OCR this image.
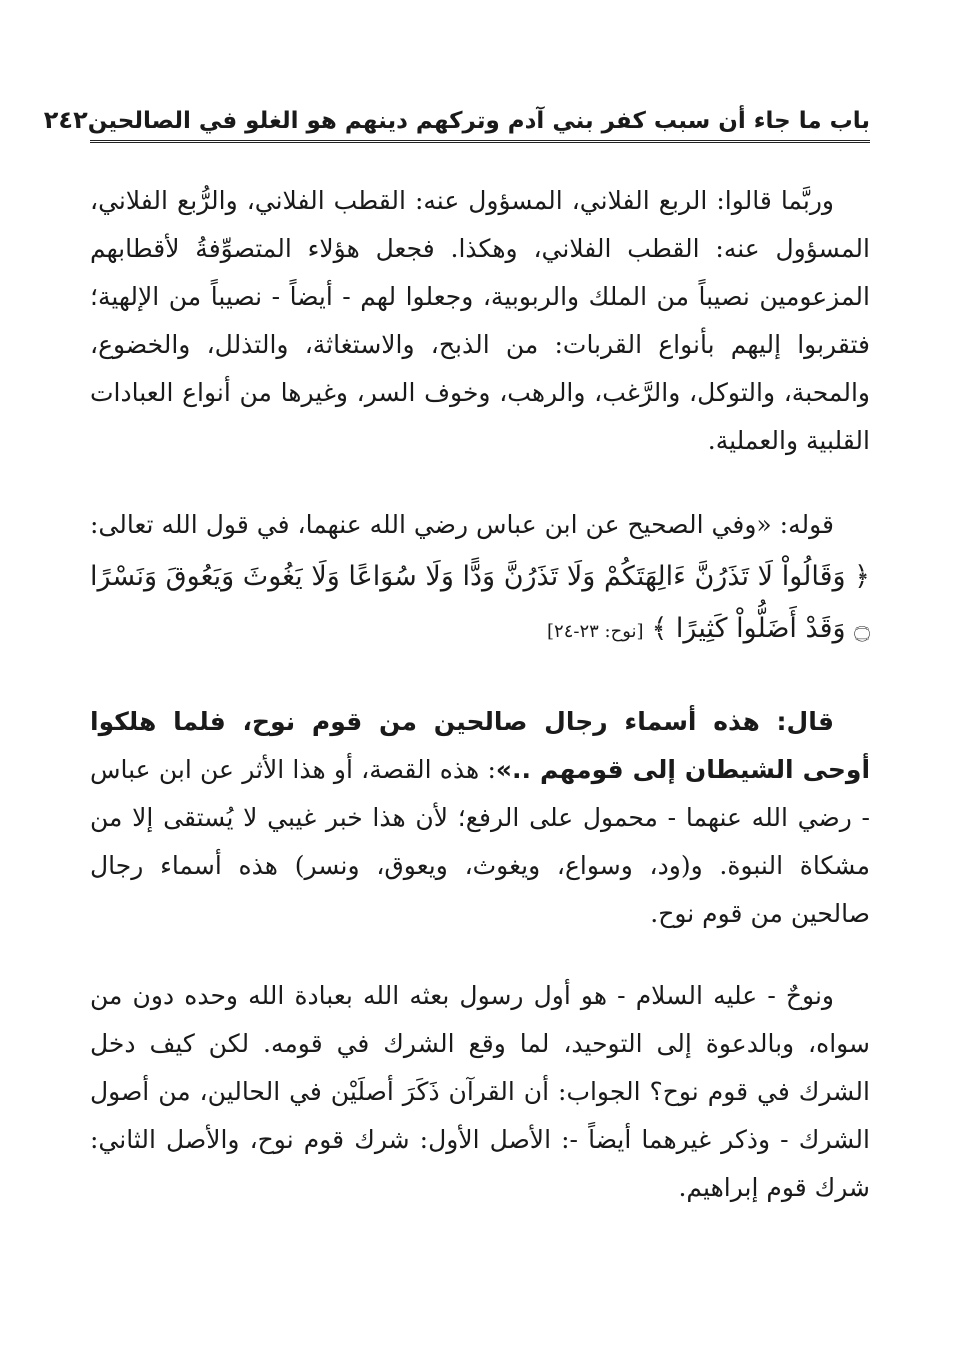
باب ما جاء أن سبب كفر بني آدم وتركهم دينهم هو الغلو في الصالحين
٢٤٢

وربَّما قالوا: الربع الفلاني، المسؤول عنه: القطب الفلاني، والرُّبع الفلاني، المسؤول عنه: القطب الفلاني، وهكذا. فجعل هؤلاء المتصوِّفةُ لأقطابهم المزعومين نصيباً من الملك والربوبية، وجعلوا لهم - أيضاً - نصيباً من الإلهية؛ فتقربوا إليهم بأنواع القربات: من الذبح، والاستغاثة، والتذلل، والخضوع، والمحبة، والتوكل، والرَّغب، والرهب، وخوف السر، وغيرها من أنواع العبادات القلبية والعملية.

قوله: «وفي الصحيح عن ابن عباس رضي الله عنهما، في قول الله تعالى: ﴿ وَقَالُواْ لَا تَذَرُنَّ ءَالِهَتَكُمْ وَلَا تَذَرُنَّ وَدًّا وَلَا سُوَاعًا وَلَا يَغُوثَ وَيَعُوقَ وَنَسْرًا ۝ وَقَدْ أَضَلُّواْ كَثِيرًا ﴾ [نوح: ٢٣-٢٤]

قال: هذه أسماء رجال صالحين من قوم نوح، فلما هلكوا أوحى الشيطان إلى قومهم ..»: هذه القصة، أو هذا الأثر عن ابن عباس - رضي الله عنهما - محمول على الرفع؛ لأن هذا خبر غيبي لا يُستقى إلا من مشكاة النبوة. و(ود، وسواع، ويغوث، ويعوق، ونسر) هذه أسماء رجال صالحين من قوم نوح.

ونوحٌ - عليه السلام - هو أول رسول بعثه الله بعبادة الله وحده دون من سواه، وبالدعوة إلى التوحيد، لما وقع الشرك في قومه. لكن كيف دخل الشرك في قوم نوح؟ الجواب: أن القرآن ذَكَرَ أصلَيْن في الحالين، من أصول الشرك - وذكر غيرهما أيضاً -: الأصل الأول: شرك قوم نوح، والأصل الثاني: شرك قوم إبراهيم.
